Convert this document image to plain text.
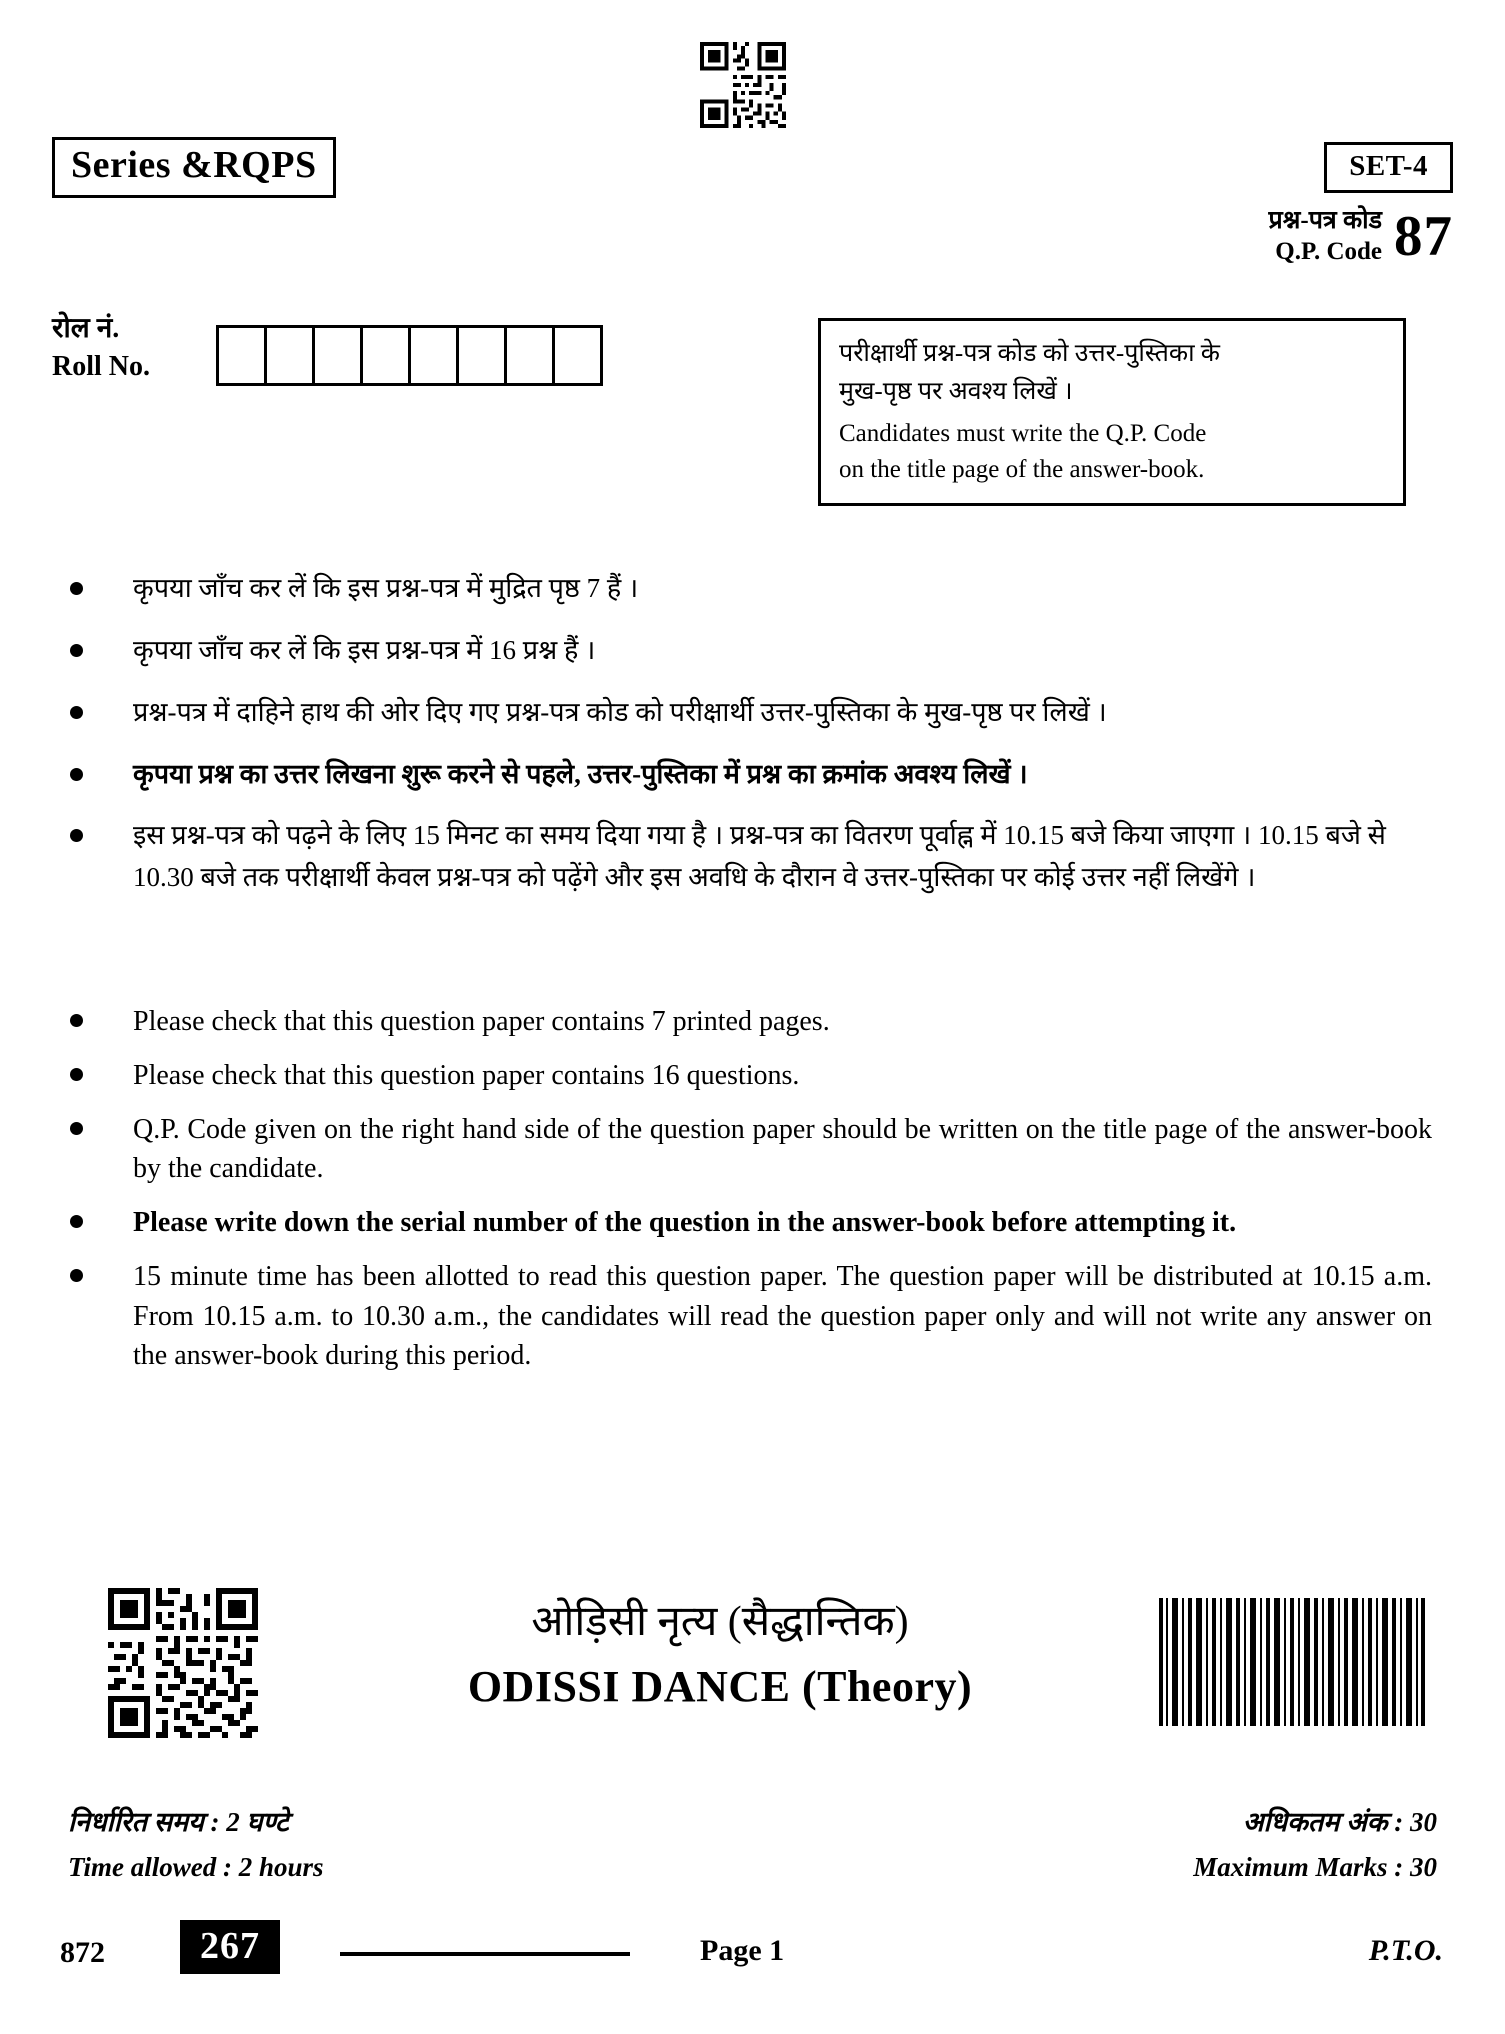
Series &RQPS	SET-4
प्रश्न-पत्र कोड
Q.P. Code 87
रोल नं.
Roll No.	परीक्षार्थी प्रश्न-पत्र कोड को उत्तर-पुस्तिका के
मुख-पृष्ठ पर अवश्य लिखें ।
Candidates must write the Q.P. Code
on the title page of the answer-book.
कृपया जाँच कर लें कि इस प्रश्न-पत्र में मुद्रित पृष्ठ 7 हैं ।
कृपया जाँच कर लें कि इस प्रश्न-पत्र में 16 प्रश्न हैं ।
प्रश्न-पत्र में दाहिने हाथ की ओर दिए गए प्रश्न-पत्र कोड को परीक्षार्थी उत्तर-पुस्तिका के मुख-पृष्ठ पर लिखें ।
कृपया प्रश्न का उत्तर लिखना शुरू करने से पहले, उत्तर-पुस्तिका में प्रश्न का क्रमांक अवश्य लिखें ।
इस प्रश्न-पत्र को पढ़ने के लिए 15 मिनट का समय दिया गया है । प्रश्न-पत्र का वितरण पूर्वाह्न में 10.15 बजे किया जाएगा । 10.15 बजे से 10.30 बजे तक परीक्षार्थी केवल प्रश्न-पत्र को पढ़ेंगे और इस अवधि के दौरान वे उत्तर-पुस्तिका पर कोई उत्तर नहीं लिखेंगे ।
Please check that this question paper contains 7 printed pages.
Please check that this question paper contains 16 questions.
Q.P. Code given on the right hand side of the question paper should be written on the title page of the answer-book by the candidate.
Please write down the serial number of the question in the answer-book before attempting it.
15 minute time has been allotted to read this question paper. The question paper will be distributed at 10.15 a.m. From 10.15 a.m. to 10.30 a.m., the candidates will read the question paper only and will not write any answer on the answer-book during this period.
ओड़िसी नृत्य (सैद्धान्तिक)
ODISSI DANCE (Theory)
निर्धारित समय : 2 घण्टे
Time allowed : 2 hours
अधिकतम अंक : 30
Maximum Marks : 30
872	267	Page 1	P.T.O.
